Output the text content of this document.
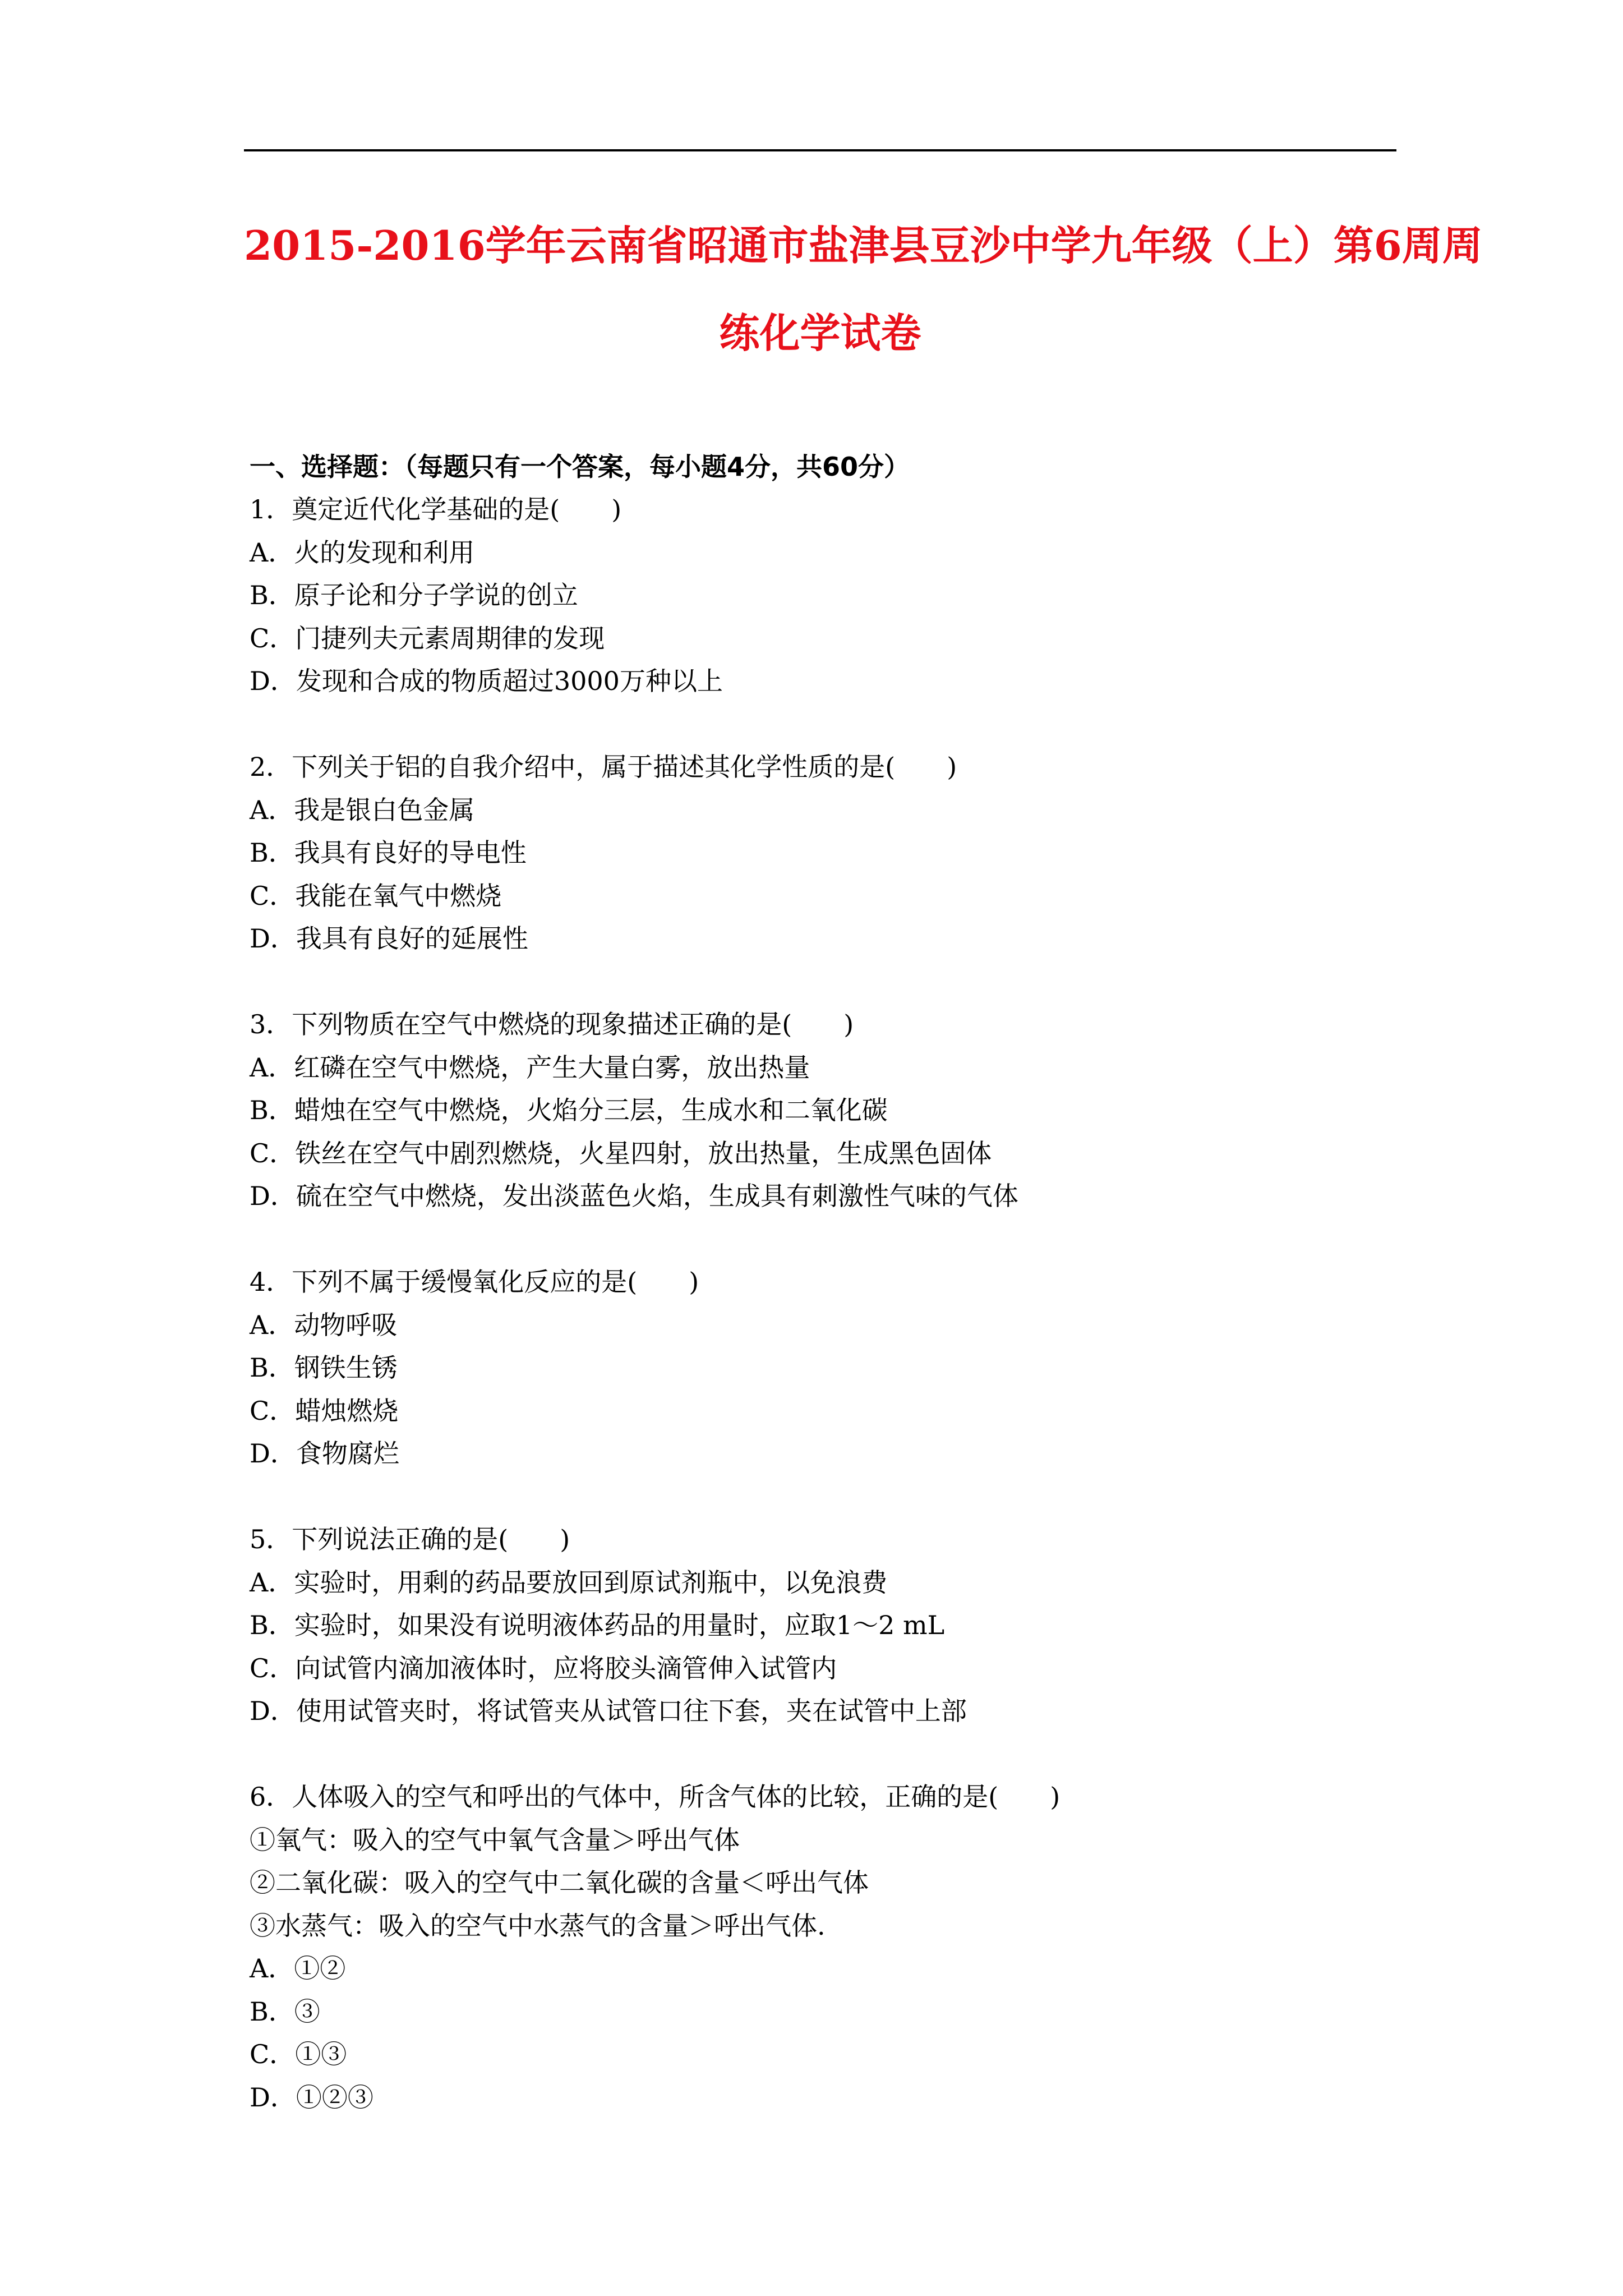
2015-2016学年云南省昭通市盐津县豆沙中学九年级（上）第6周周
练化学试卷
一、选择题：（每题只有一个答案，每小题4分，共60分）
1．奠定近代化学基础的是(　　)
A．火的发现和利用
B．原子论和分子学说的创立
C．门捷列夫元素周期律的发现
D．发现和合成的物质超过3000万种以上
2．下列关于铝的自我介绍中，属于描述其化学性质的是(　　)
A．我是银白色金属
B．我具有良好的导电性
C．我能在氧气中燃烧
D．我具有良好的延展性
3．下列物质在空气中燃烧的现象描述正确的是(　　)
A．红磷在空气中燃烧，产生大量白雾，放出热量
B．蜡烛在空气中燃烧，火焰分三层，生成水和二氧化碳
C．铁丝在空气中剧烈燃烧，火星四射，放出热量，生成黑色固体
D．硫在空气中燃烧，发出淡蓝色火焰，生成具有刺激性气味的气体
4．下列不属于缓慢氧化反应的是(　　)
A．动物呼吸
B．钢铁生锈
C．蜡烛燃烧
D．食物腐烂
5．下列说法正确的是(　　)
A．实验时，用剩的药品要放回到原试剂瓶中，以免浪费
B．实验时，如果没有说明液体药品的用量时，应取1～2 mL
C．向试管内滴加液体时，应将胶头滴管伸入试管内
D．使用试管夹时，将试管夹从试管口往下套，夹在试管中上部
6．人体吸入的空气和呼出的气体中，所含气体的比较，正确的是(　　)
①氧气：吸入的空气中氧气含量＞呼出气体
②二氧化碳：吸入的空气中二氧化碳的含量＜呼出气体
③水蒸气：吸入的空气中水蒸气的含量＞呼出气体.
A．①②
B．③
C．①③
D．①②③
